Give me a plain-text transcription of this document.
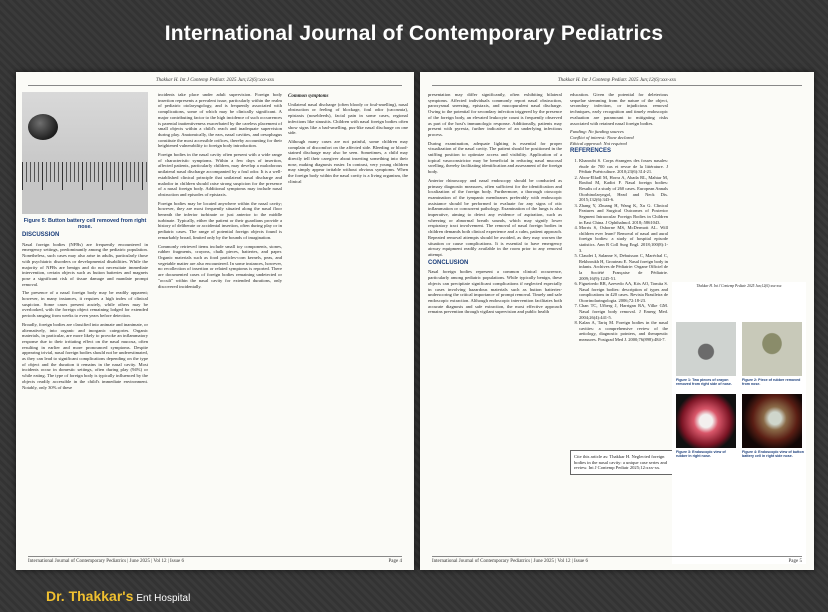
International Journal of Contemporary Pediatrics
Thakkar H. Int J Contemp Pediatr. 2025 Jun;12(6):xxx-xxx
Figure 5: Button battery cell removed from right nose.
DISCUSSION

Nasal foreign bodies (NFBs) are frequently encountered in emergency settings, predominantly among the pediatric population. Nonetheless, such cases may also arise in adults, particularly those with psychiatric disorders or developmental disabilities. While the majority of NFBs are benign and do not necessitate immediate intervention, certain objects such as button batteries and magnets pose a significant risk of tissue damage and mandate prompt removal.

The presence of a nasal foreign body may be readily apparent; however, in many instances, it requires a high index of clinical suspicion. Some cases present acutely, while others may be overlooked, with the foreign object remaining lodged for extended periods ranging from weeks to even years before detection.

Broadly, foreign bodies are classified into animate and inanimate, or alternatively, into organic and inorganic categories. Organic materials, in particular, are more likely to provoke an inflammatory response due to their irritating effect on the nasal mucosa, often resulting in earlier and more pronounced symptoms. Despite appearing trivial, nasal foreign bodies should not be underestimated, as they can lead to significant complications depending on the type of object and the duration it remains in the nasal cavity. Most incidents occur in domestic settings, often during play (94%) or while eating. The type of foreign body is typically influenced by the objects readily accessible in the child's immediate environment. Notably, only 30% of these

incidents take place under adult supervision. Foreign body insertion represents a prevalent issue, particularly within the realm of pediatric otolaryngology, and is frequently associated with complications, some of which may be clinically significant. A major contributing factor to the high incidence of such occurrences is parental inattentiveness exacerbated by the careless placement of small objects within a child's reach and inadequate supervision during play. Anatomically, the ears, nasal cavities, and oesophagus constitute the most accessible orifices, thereby accounting for their heightened vulnerability to foreign body introduction.

Foreign bodies in the nasal cavity often present with a wide range of characteristic symptoms. Within a few days of insertion, affected patients, particularly children, may develop a malodorous unilateral nasal discharge accompanied by a foul odor. It is a well-established clinical principle that unilateral nasal discharge and malodor in children should raise strong suspicion for the presence of a nasal foreign body. Additional symptoms may include nasal obstruction and episodes of epistaxis.

Foreign bodies may be located anywhere within the nasal cavity; however, they are most frequently situated along the nasal floor beneath the inferior turbinate or just anterior to the middle turbinate. Typically, either the patient or their guardians provide a history of deliberate or accidental insertion, often during play or in pediatric cases. The range of potential foreign objects found is remarkably broad, limited only by the bounds of imagination.

Commonly retrieved items include small toy components, stones, rubber fragments, crayons, chalk pieces, batteries, and paper. Organic materials such as food particles-corn kernels, peas, and vegetable matter are also encountered. In some instances, however, no recollection of insertion or related symptoms is reported. There are documented cases of foreign bodies remaining undetected or "occult" within the nasal cavity for extended durations, only discovered incidentally.

Common symptoms

Unilateral nasal discharge (often bloody or foul-smelling), nasal obstruction or feeling of blockage, foul odor (cacosmia), epistaxis (nosebleeds), facial pain in some cases, regional infections like sinusitis. Children with nasal foreign bodies often show signs like a bad-smelling, pus-like nasal discharge on one side.

Although many cases are not painful, some children may complain of discomfort on the affected side. Bleeding or blood-stained discharge may also be seen. Sometimes, a child may directly tell their caregiver about inserting something into their nose, making diagnosis easier. In contrast, very young children may simply appear irritable without obvious symptoms. When the foreign body within the nasal cavity is a living organism, the clinical

International Journal of Contemporary Pediatrics | June 2025 | Vol 12 | Issue 6	Page 4
Thakkar H. Int J Contemp Pediatr. 2025 Jun;12(6):xxx-xxx

presentation may differ significantly, often exhibiting bilateral symptoms. Affected individuals commonly report nasal obstruction, paroxysmal sneezing, epistaxis, and mucopurulent nasal discharge. Owing to the potential for secondary infection triggered by the presence of the foreign body, an elevated leukocyte count is frequently observed as part of the host's immunologic response. Additionally, patients may present with pyrexia, further indicative of an underlying infectious process.

During examination, adequate lighting is essential for proper visualization of the nasal cavity. The patient should be positioned in the sniffing position to optimize access and visibility. Application of a topical vasoconstrictor may be beneficial in reducing nasal mucosal swelling, thereby facilitating identification and assessment of the foreign body.

Anterior rhinoscopy and nasal endoscopy should be conducted as primary diagnostic measures, often sufficient for the identification and localization of the foreign body. Furthermore, a thorough otoscopic examination of the tympanic membranes preferably with endoscopic assistance should be performed to evaluate for any signs of otic inflammation or concurrent pathology. Examination of the lungs is also imperative, aiming to detect any evidence of aspiration, such as wheezing or abnormal breath sounds, which may signify lower respiratory tract involvement. The removal of nasal foreign bodies in children demands both clinical experience and a calm, patient approach. Repeated removal attempts should be avoided, as they may worsen the situation or cause complications. It is essential to have emergency airway equipment readily available in the room prior to any removal attempt.

CONCLUSION

Nasal foreign bodies represent a common clinical occurrence, particularly among pediatric populations. While typically benign, these objects can precipitate significant complications if neglected especially in cases involving hazardous materials such as button batteries-underscoring the critical importance of prompt removal. Timely and safe endoscopic extraction. Although endoscopic intervention facilitates both accurate diagnosis and safe extraction, the most effective approach remains prevention through vigilant supervision and public health

education. Given the potential for deleterious sequelae stemming from the nature of the object, secondary infection, or injudicious removal techniques, early recognition and timely endoscopic evaluation are paramount to mitigating risks associated with retained nasal foreign bodies.

Funding: No funding sources

Conflict of interest: None declared

Ethical approval: Not required

REFERENCES
1. Kharoubi S. Corps étrangers des fosses nasales: étude de 700 cas et revue de la littérature. J Pédiatr Puériculture. 2010;23(6):314-21.
2. Abou-Elfadl M, Horra A, Abada RL, Mahtar M, Roubal M, Kadiri F. Nasal foreign bodies: Results of a study of 260 cases. European Annals Otorhinolaryngol, Head and Neck Dis. 2015;132(6):343-6.
3. Zhang Y, Zhuang H, Wang K, Xu G. Clinical Features and Surgical Outcomes of Posterior Segment Intraocular Foreign Bodies in Children in East China. J Ophthalmol. 2018;:5861043.
4. Morris S, Osborne MS, McDermott AL. Will children ever learn? Removal of nasal and aural foreign bodies: a study of hospital episode statistics. Ann R Coll Surg Engl. 2018;100(8):1-3.
5. Claudet I, Salanne S, Debuisson C, Maréchal C, Rekhroukh H, Grouteau E. Nasal foreign body in infants. Archives de Pédiatrie: Organe Officiel de la Société Française de Pédiatrie. 2009;16(9):1245-51.
6. Figueiredo RR, Azevedo AA, Kós AO, Tomita S. Nasal foreign bodies: description of types and complications in 420 cases. Revista Brasileira de Otorrinolaringologia. 2006;72:18-23.
7. Chan TC, Ufberg J, Harrigan RA, Vilke GM. Nasal foreign body removal. J Emerg Med. 2004;26(4):441-5.
8. Kalan A, Tariq M. Foreign bodies in the nasal cavities: a comprehensive review of the aetiology, diagnostic pointers, and therapeutic measures. Postgrad Med J. 2000;76(898):484-7.
Cite this article as: Thakkar H. Neglected foreign bodies in the nasal cavity: a unique case series and review. Int J Contemp Pediatr 2025;12:xxx-xx.
Thakkar H. Int J Contemp Pediatr. 2025 Jun;12(6):xxx-xxx
Figure 1: Two pieces of crayon removed from right side of nose.
Figure 2: Piece of rubber removed from nose.
Figure 3: Endoscopic view of rubber in right nose.
Figure 4: Endoscopic view of button battery cell in right side nose.
International Journal of Contemporary Pediatrics | June 2025 | Vol 12 | Issue 6	Page 5
Dr. Thakkar's Ent Hospital
